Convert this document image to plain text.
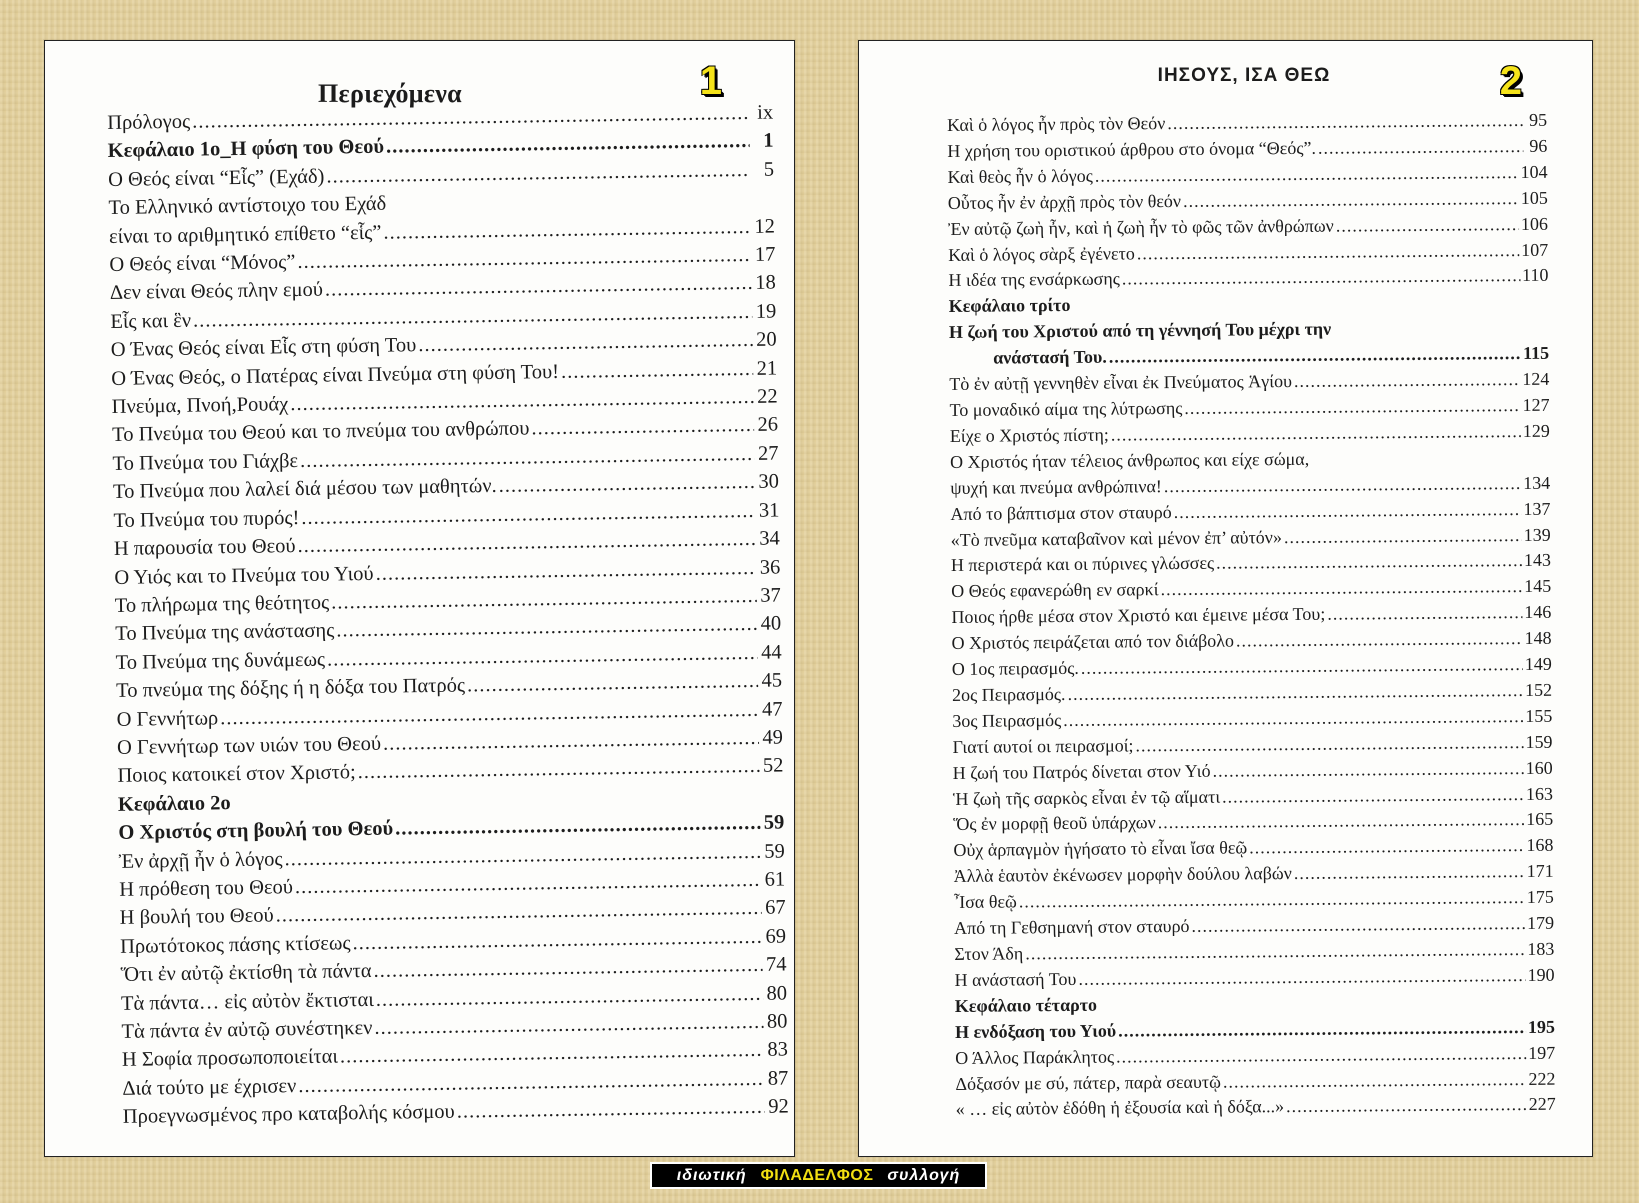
1
Περιεχόμενα
Πρόλογος .....	ix
Κεφάλαιο 1ο_Η φύση του Θεού .....	1
Ο Θεός είναι “Εἷς” (Εχάδ) .....	5
Το Ελληνικό αντίστοιχο του Εχάδ
είναι το αριθμητικό επίθετο “εἷς” .....	12
Ο Θεός είναι “Μόνος” .....	17
Δεν είναι Θεός πλην εμού .....	18
Εἷς και ἓν .....	19
Ο Ένας Θεός είναι Εἷς στη φύση Του .....	20
Ο Ένας Θεός, ο Πατέρας είναι Πνεύμα στη φύση Του! .....	21
Πνεύμα, Πνοή,Ρουάχ .....	22
Το Πνεύμα του Θεού και το πνεύμα του ανθρώπου .....	26
Το Πνεύμα του Γιάχβε .....	27
Το Πνεύμα που λαλεί διά μέσου των μαθητών. .....	30
Το Πνεύμα του πυρός! .....	31
Η παρουσία του Θεού .....	34
Ο Υιός και το Πνεύμα του Υιού .....	36
Το πλήρωμα της θεότητος .....	37
Το Πνεύμα της ανάστασης .....	40
Το Πνεύμα της δυνάμεως .....	44
Το πνεύμα της δόξης ή η δόξα του Πατρός .....	45
Ο Γεννήτωρ .....	47
Ο Γεννήτωρ των υιών του Θεού .....	49
Ποιος κατοικεί στον Χριστό; .....	52
Κεφάλαιο 2ο
Ο Χριστός στη βουλή του Θεού .....	59
Ἐν ἀρχῇ ἦν ὁ λόγος .....	59
Η πρόθεση του Θεού .....	61
Η βουλή του Θεού .....	67
Πρωτότοκος πάσης κτίσεως .....	69
Ὅτι ἐν αὐτῷ ἐκτίσθη τὰ πάντα .....	74
Τὰ πάντα… εἰς αὐτὸν ἔκτισται .....	80
Τὰ πάντα ἐν αὐτῷ συνέστηκεν .....	80
Η Σοφία προσωποποιείται .....	83
Διά τούτο με έχρισεν .....	87
Προεγνωσμένος προ καταβολής κόσμου .....	92
2
ΙΗΣΟΥΣ, ΙΣΑ ΘΕΩ
Καὶ ὁ λόγος ἦν πρὸς τὸν Θεόν .....	95
Η χρήση του οριστικού άρθρου στο όνομα “Θεός”. .....	96
Καὶ θεὸς ἦν ὁ λόγος .....	104
Οὗτος ἦν ἐν ἀρχῇ πρὸς τὸν θεόν .....	105
Ἐν αὐτῷ ζωὴ ἦν, καὶ ἡ ζωὴ ἦν τὸ φῶς τῶν ἀνθρώπων .....	106
Καὶ ὁ λόγος σὰρξ ἐγένετο .....	107
Η ιδέα της ενσάρκωσης .....	110
Κεφάλαιο τρίτο
Η ζωή του Χριστού από τη γέννησή Του μέχρι την
ανάστασή Του. .....	115
Τὸ ἐν αὐτῇ γεννηθὲν εἶναι ἐκ Πνεύματος Ἁγίου .....	124
Το μοναδικό αίμα της λύτρωσης .....	127
Είχε ο Χριστός πίστη; .....	129
Ο Χριστός ήταν τέλειος άνθρωπος και είχε σώμα,
ψυχή και πνεύμα ανθρώπινα! .....	134
Από το βάπτισμα στον σταυρό .....	137
«Τὸ πνεῦμα καταβαῖνον καὶ μένον ἐπ’ αὐτόν» .....	139
Η περιστερά και οι πύρινες γλώσσες .....	143
Ο Θεός εφανερώθη εν σαρκί .....	145
Ποιος ήρθε μέσα στον Χριστό και έμεινε μέσα Του; .....	146
Ο Χριστός πειράζεται από τον διάβολο .....	148
Ο 1ος πειρασμός. .....	149
2ος Πειρασμός. .....	152
3ος Πειρασμός .....	155
Γιατί αυτοί οι πειρασμοί; .....	159
Η ζωή του Πατρός δίνεται στον Υιό .....	160
Ἡ ζωὴ τῆς σαρκὸς εἶναι ἐν τῷ αἵματι .....	163
Ὅς ἐν μορφῇ θεοῦ ὑπάρχων .....	165
Οὐχ ἁρπαγμὸν ἡγήσατο τὸ εἶναι ἴσα θεῷ .....	168
Ἀλλὰ ἑαυτὸν ἐκένωσεν μορφὴν δούλου λαβών .....	171
Ἶσα θεῷ .....	175
Από τη Γεθσημανή στον σταυρό .....	179
Στον Άδη .....	183
Η ανάστασή Του .....	190
Κεφάλαιο τέταρτο
Η ενδόξαση του Υιού .....	195
Ο Άλλος Παράκλητος .....	197
Δόξασόν με σύ, πάτερ, παρὰ σεαυτῷ .....	222
« … εἰς αὐτὸν ἐδόθη ἡ ἐξουσία καὶ ἡ δόξα...» .....	227
ιδιωτική ΦΙΛΑΔΕΛΦΟΣ συλλογή
